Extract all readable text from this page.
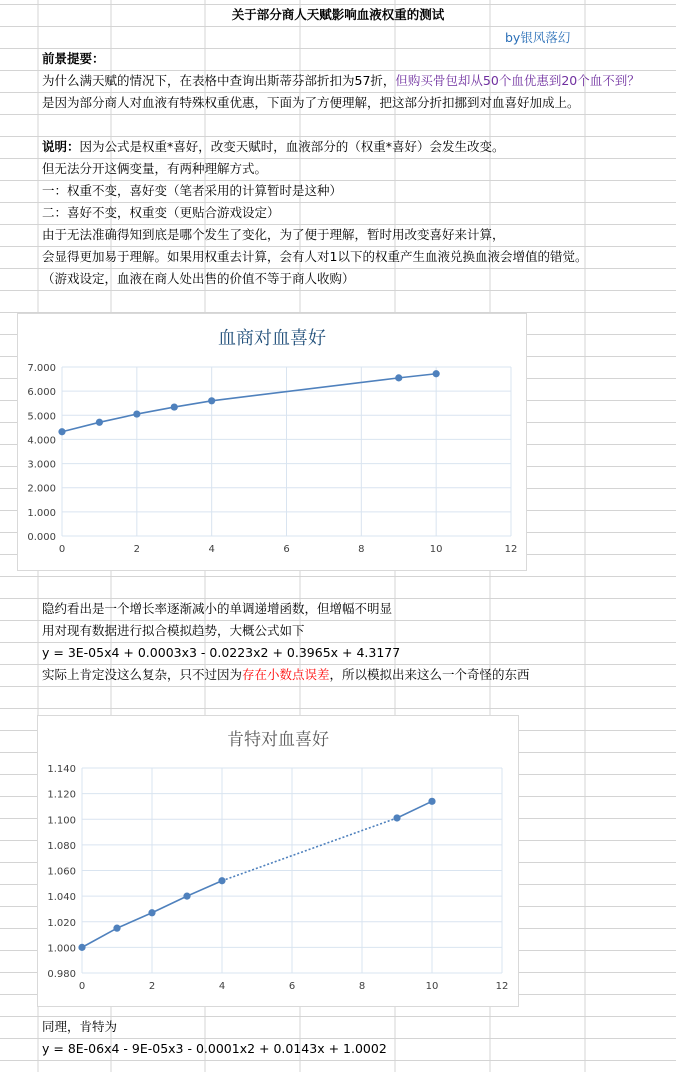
关于部分商人天赋影响血液权重的测试
by银风落幻
前景提要：
为什么满天赋的情况下，在表格中查询出斯蒂芬部折扣为57折，但购买骨包却从50个血优惠到20个血不到？
是因为部分商人对血液有特殊权重优惠，下面为了方便理解，把这部分折扣挪到对血喜好加成上。
说明：因为公式是权重*喜好，改变天赋时，血液部分的（权重*喜好）会发生改变。
但无法分开这俩变量，有两种理解方式。
一：权重不变，喜好变（笔者采用的计算暂时是这种）
二：喜好不变，权重变（更贴合游戏设定）
由于无法准确得知到底是哪个发生了变化，为了便于理解，暂时用改变喜好来计算，
会显得更加易于理解。如果用权重去计算，会有人对1以下的权重产生血液兑换血液会增值的错觉。
（游戏设定，血液在商人处出售的价值不等于商人收购）
血商对血喜好
0.000
1.000
2.000
3.000
4.000
5.000
6.000
7.000
0	2	4	6	8	10	12
隐约看出是一个增长率逐渐减小的单调递增函数，但增幅不明显
用对现有数据进行拟合模拟趋势，大概公式如下
y = 3E-05x4 + 0.0003x3 - 0.0223x2 + 0.3965x + 4.3177
实际上肯定没这么复杂，只不过因为存在小数点误差，所以模拟出来这么一个奇怪的东西
肯特对血喜好
0.980
1.000
1.020
1.040
1.060
1.080
1.100
1.120
1.140
0	2	4	6	8	10	12
同理，肯特为
y = 8E-06x4 - 9E-05x3 - 0.0001x2 + 0.0143x + 1.0002
